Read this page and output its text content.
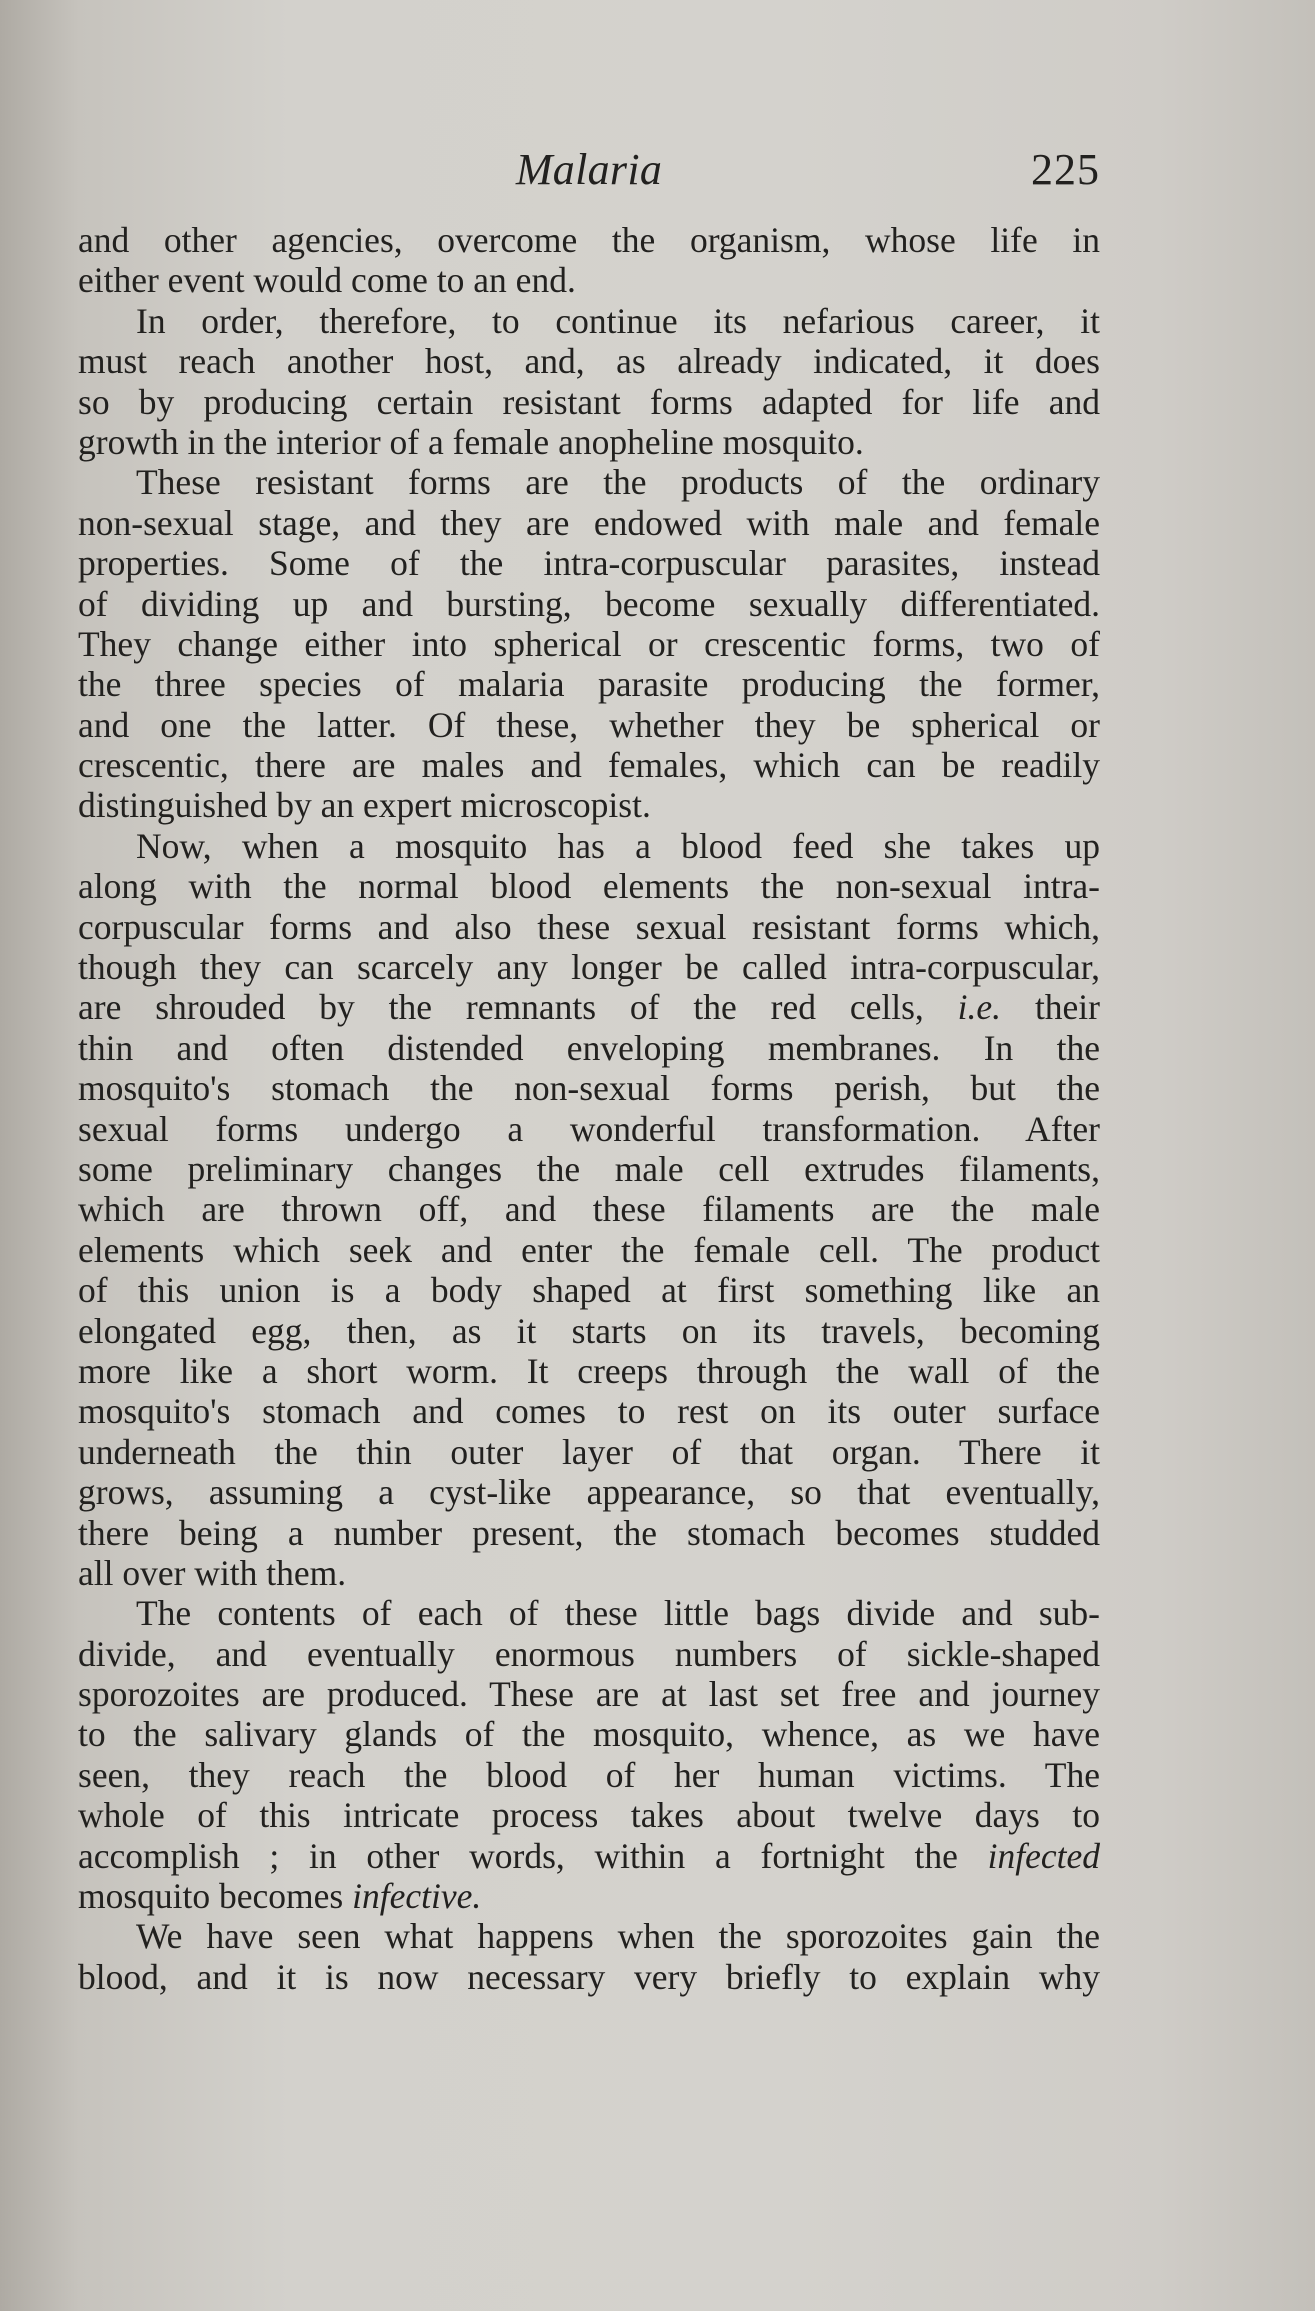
Malaria	225
and other agencies, overcome the organism, whose life in
either event would come to an end.
In order, therefore, to continue its nefarious career, it
must reach another host, and, as already indicated, it does
so by producing certain resistant forms adapted for life and
growth in the interior of a female anopheline mosquito.
These resistant forms are the products of the ordinary
non-sexual stage, and they are endowed with male and female
properties. Some of the intra-corpuscular parasites, instead
of dividing up and bursting, become sexually differentiated.
They change either into spherical or crescentic forms, two of
the three species of malaria parasite producing the former,
and one the latter. Of these, whether they be spherical or
crescentic, there are males and females, which can be readily
distinguished by an expert microscopist.
Now, when a mosquito has a blood feed she takes up
along with the normal blood elements the non-sexual intra-
corpuscular forms and also these sexual resistant forms which,
though they can scarcely any longer be called intra-corpuscular,
are shrouded by the remnants of the red cells, i.e. their
thin and often distended enveloping membranes. In the
mosquito's stomach the non-sexual forms perish, but the
sexual forms undergo a wonderful transformation. After
some preliminary changes the male cell extrudes filaments,
which are thrown off, and these filaments are the male
elements which seek and enter the female cell. The product
of this union is a body shaped at first something like an
elongated egg, then, as it starts on its travels, becoming
more like a short worm. It creeps through the wall of the
mosquito's stomach and comes to rest on its outer surface
underneath the thin outer layer of that organ. There it
grows, assuming a cyst-like appearance, so that eventually,
there being a number present, the stomach becomes studded
all over with them.
The contents of each of these little bags divide and sub-
divide, and eventually enormous numbers of sickle-shaped
sporozoites are produced. These are at last set free and journey
to the salivary glands of the mosquito, whence, as we have
seen, they reach the blood of her human victims. The
whole of this intricate process takes about twelve days to
accomplish ; in other words, within a fortnight the infected
mosquito becomes infective.
We have seen what happens when the sporozoites gain the
blood, and it is now necessary very briefly to explain why
